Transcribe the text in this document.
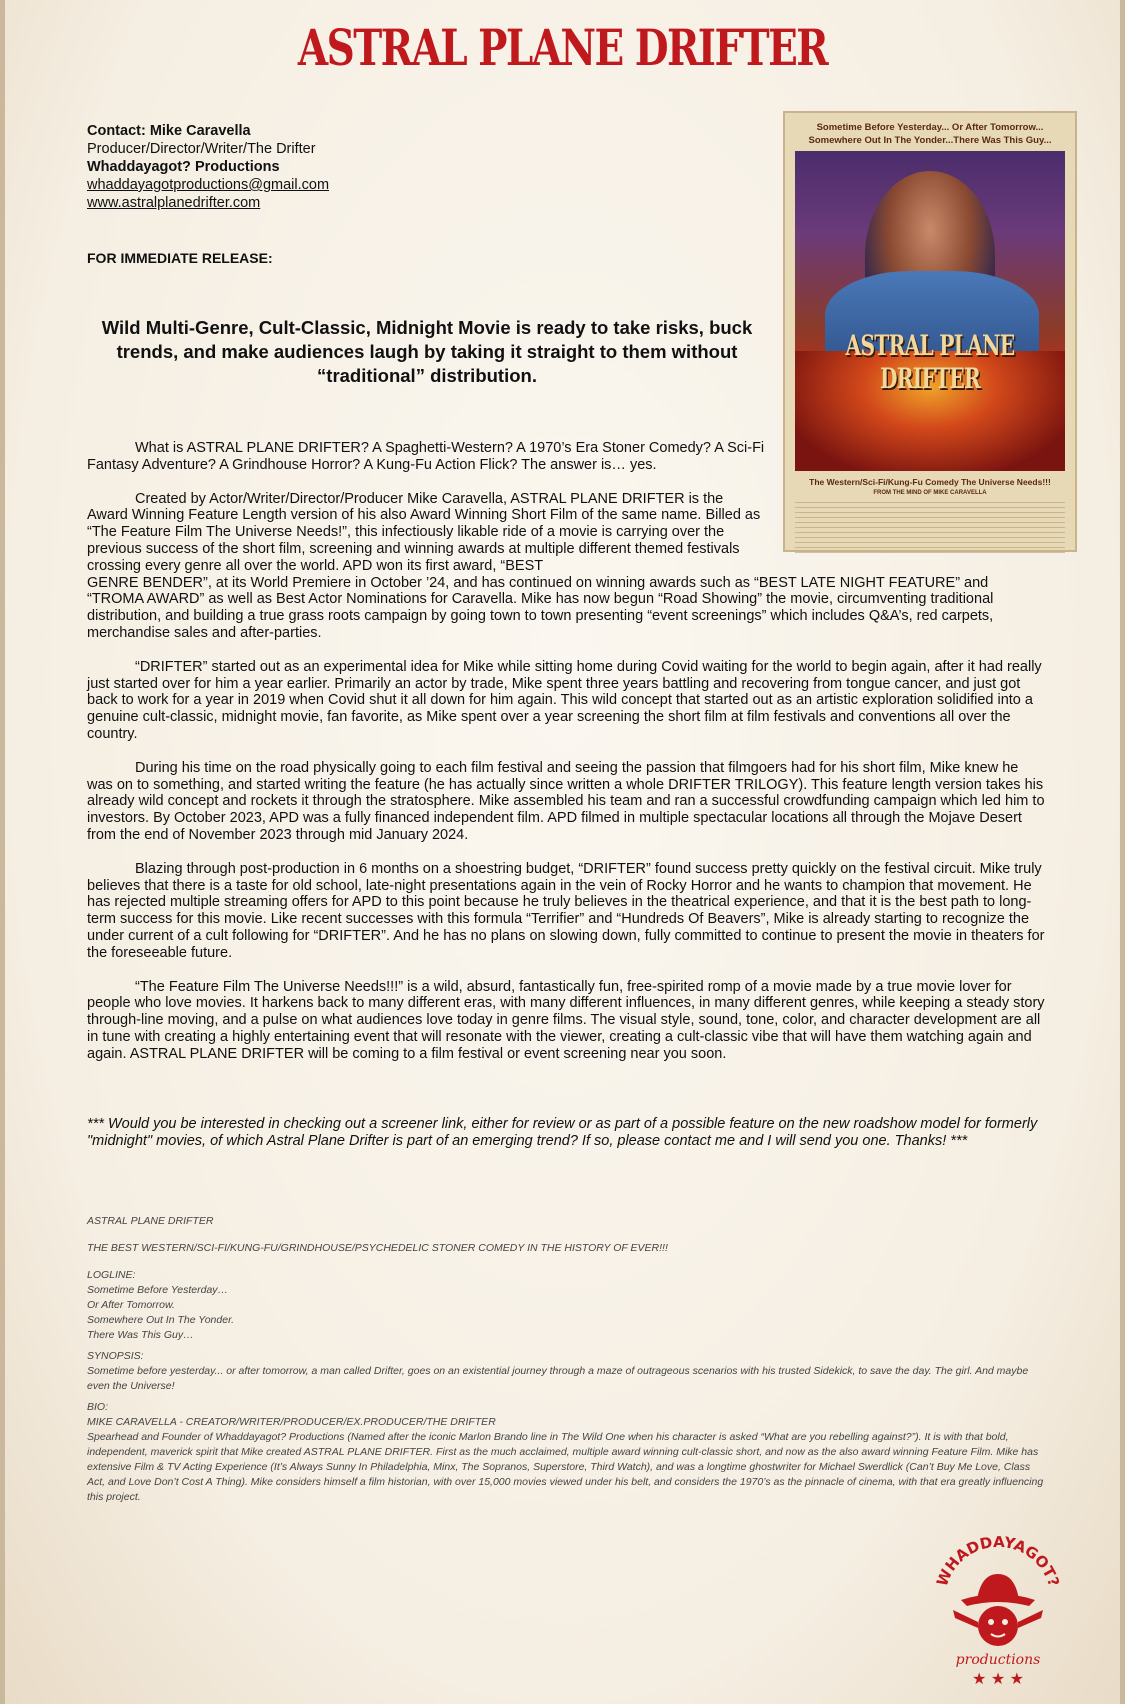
ASTRAL PLANE DRIFTER
Contact: Mike Caravella
Producer/Director/Writer/The Drifter
Whaddayagot? Productions
whaddayagotproductions@gmail.com
www.astralplanedrifter.com
FOR IMMEDIATE RELEASE:
Wild Multi-Genre, Cult-Classic, Midnight Movie is ready to take risks, buck trends, and make audiences laugh by taking it straight to them without “traditional” distribution.
Sometime Before Yesterday... Or After Tomorrow...
Somewhere Out In The Yonder...There Was This Guy...
ASTRAL PLANE DRIFTER
The Western/Sci-Fi/Kung-Fu Comedy The Universe Needs!!!
FROM THE MIND OF MIKE CARAVELLA

What is ASTRAL PLANE DRIFTER? A Spaghetti-Western? A 1970’s Era Stoner Comedy? A Sci-Fi Fantasy Adventure? A Grindhouse Horror? A Kung-Fu Action Flick? The answer is… yes.

Created by Actor/Writer/Director/Producer Mike Caravella, ASTRAL PLANE DRIFTER is the Award Winning Feature Length version of his also Award Winning Short Film of the same name. Billed as “The Feature Film The Universe Needs!”, this infectiously likable ride of a movie is carrying over the previous success of the short film, screening and winning awards at multiple different themed festivals crossing every genre all over the world. APD won its first award, “BEST
GENRE BENDER”, at its World Premiere in October ’24, and has continued on winning awards such as “BEST LATE NIGHT FEATURE” and “TROMA AWARD” as well as Best Actor Nominations for Caravella. Mike has now begun “Road Showing” the movie, circumventing traditional distribution, and building a true grass roots campaign by going town to town presenting “event screenings” which includes Q&A’s, red carpets, merchandise sales and after-parties.

“DRIFTER” started out as an experimental idea for Mike while sitting home during Covid waiting for the world to begin again, after it had really just started over for him a year earlier. Primarily an actor by trade, Mike spent three years battling and recovering from tongue cancer, and just got back to work for a year in 2019 when Covid shut it all down for him again. This wild concept that started out as an artistic exploration solidified into a genuine cult-classic, midnight movie, fan favorite, as Mike spent over a year screening the short film at film festivals and conventions all over the country.

During his time on the road physically going to each film festival and seeing the passion that filmgoers had for his short film, Mike knew he was on to something, and started writing the feature (he has actually since written a whole DRIFTER TRILOGY). This feature length version takes his already wild concept and rockets it through the stratosphere. Mike assembled his team and ran a successful crowdfunding campaign which led him to investors. By October 2023, APD was a fully financed independent film. APD filmed in multiple spectacular locations all through the Mojave Desert from the end of November 2023 through mid January 2024.

Blazing through post-production in 6 months on a shoestring budget, “DRIFTER” found success pretty quickly on the festival circuit. Mike truly believes that there is a taste for old school, late-night presentations again in the vein of Rocky Horror and he wants to champion that movement. He has rejected multiple streaming offers for APD to this point because he truly believes in the theatrical experience, and that it is the best path to long-term success for this movie. Like recent successes with this formula “Terrifier” and “Hundreds Of Beavers”, Mike is already starting to recognize the under current of a cult following for “DRIFTER”. And he has no plans on slowing down, fully committed to continue to present the movie in theaters for the foreseeable future.

“The Feature Film The Universe Needs!!!” is a wild, absurd, fantastically fun, free-spirited romp of a movie made by a true movie lover for people who love movies. It harkens back to many different eras, with many different influences, in many different genres, while keeping a steady story through-line moving, and a pulse on what audiences love today in genre films. The visual style, sound, tone, color, and character development are all in tune with creating a highly entertaining event that will resonate with the viewer, creating a cult-classic vibe that will have them watching again and again. ASTRAL PLANE DRIFTER will be coming to a film festival or event screening near you soon.

*** Would you be interested in checking out a screener link, either for review or as part of a possible feature on the new roadshow model for formerly "midnight" movies, of which Astral Plane Drifter is part of an emerging trend? If so, please contact me and I will send you one. Thanks! ***
ASTRAL PLANE DRIFTER
THE BEST WESTERN/SCI-FI/KUNG-FU/GRINDHOUSE/PSYCHEDELIC STONER COMEDY IN THE HISTORY OF EVER!!!
LOGLINE:
Sometime Before Yesterday…
Or After Tomorrow.
Somewhere Out In The Yonder.
There Was This Guy…
SYNOPSIS:
Sometime before yesterday... or after tomorrow, a man called Drifter, goes on an existential journey through a maze of outrageous scenarios with his trusted Sidekick, to save the day. The girl. And maybe even the Universe!
BIO:
MIKE CARAVELLA - CREATOR/WRITER/PRODUCER/EX.PRODUCER/THE DRIFTER
Spearhead and Founder of Whaddayagot? Productions (Named after the iconic Marlon Brando line in The Wild One when his character is asked “What are you rebelling against?”). It is with that bold, independent, maverick spirit that Mike created ASTRAL PLANE DRIFTER. First as the much acclaimed, multiple award winning cult-classic short, and now as the also award winning Feature Film. Mike has extensive Film & TV Acting Experience (It’s Always Sunny In Philadelphia, Minx, The Sopranos, Superstore, Third Watch), and was a longtime ghostwriter for Michael Swerdlick (Can’t Buy Me Love, Class Act, and Love Don’t Cost A Thing). Mike considers himself a film historian, with over 15,000 movies viewed under his belt, and considers the 1970’s as the pinnacle of cinema, with that era greatly influencing this project.
WHADDAYAGOT?
productions
★ ★ ★
